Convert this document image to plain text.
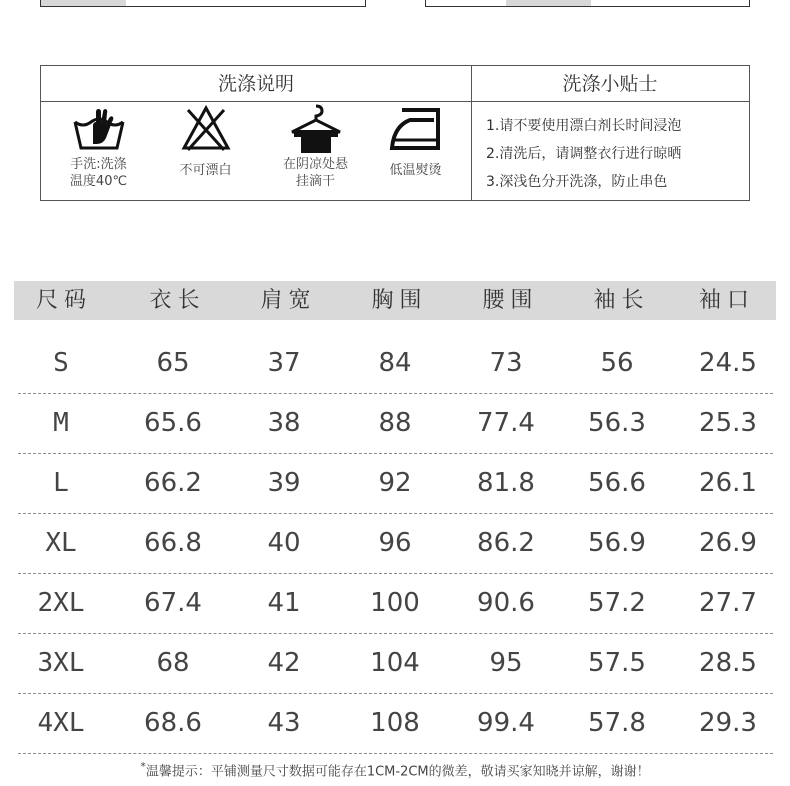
洗涤说明	洗涤小贴士
手洗:洗涤
温度40℃
不可漂白	在阴凉处悬
挂滴干
低温熨烫
1.请不要使用漂白剂长时间浸泡
2.清洗后，请调整衣行进行晾晒
3.深浅色分开洗涤，防止串色
尺码	衣长	肩宽	胸围	腰围	袖长	袖口
S	65	37	84	73	56	24.5
M	65.6	38	88	77.4	56.3	25.3
L	66.2	39	92	81.8	56.6	26.1
XL	66.8	40	96	86.2	56.9	26.9
2XL	67.4	41	100	90.6	57.2	27.7
3XL	68	42	104	95	57.5	28.5
4XL	68.6	43	108	99.4	57.8	29.3
*温馨提示：平铺测量尺寸数据可能存在1CM-2CM的微差，敬请买家知晓并谅解，谢谢！
